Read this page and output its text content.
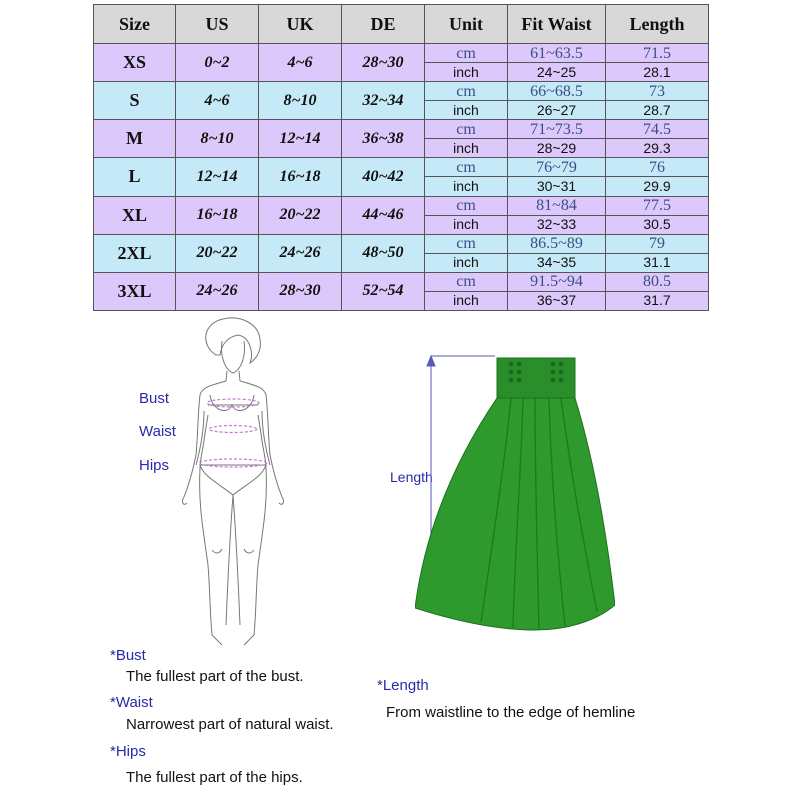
Size	US	UK	DE	Unit	Fit Waist	Length
XS	0~2	4~6	28~30	cm	61~63.5	71.5
				inch	24~25	28.1
S	4~6	8~10	32~34	cm	66~68.5	73
				inch	26~27	28.7
M	8~10	12~14	36~38	cm	71~73.5	74.5
				inch	28~29	29.3
L	12~14	16~18	40~42	cm	76~79	76
				inch	30~31	29.9
XL	16~18	20~22	44~46	cm	81~84	77.5
				inch	32~33	30.5
2XL	20~22	24~26	48~50	cm	86.5~89	79
				inch	34~35	31.1
3XL	24~26	28~30	52~54	cm	91.5~94	80.5
				inch	36~37	31.7
Bust
Waist
Hips
Length
*Bust
The fullest part of the bust.
*Waist
Narrowest part of natural waist.
*Hips
The fullest part of the hips.
*Length
From waistline to the edge of hemline
